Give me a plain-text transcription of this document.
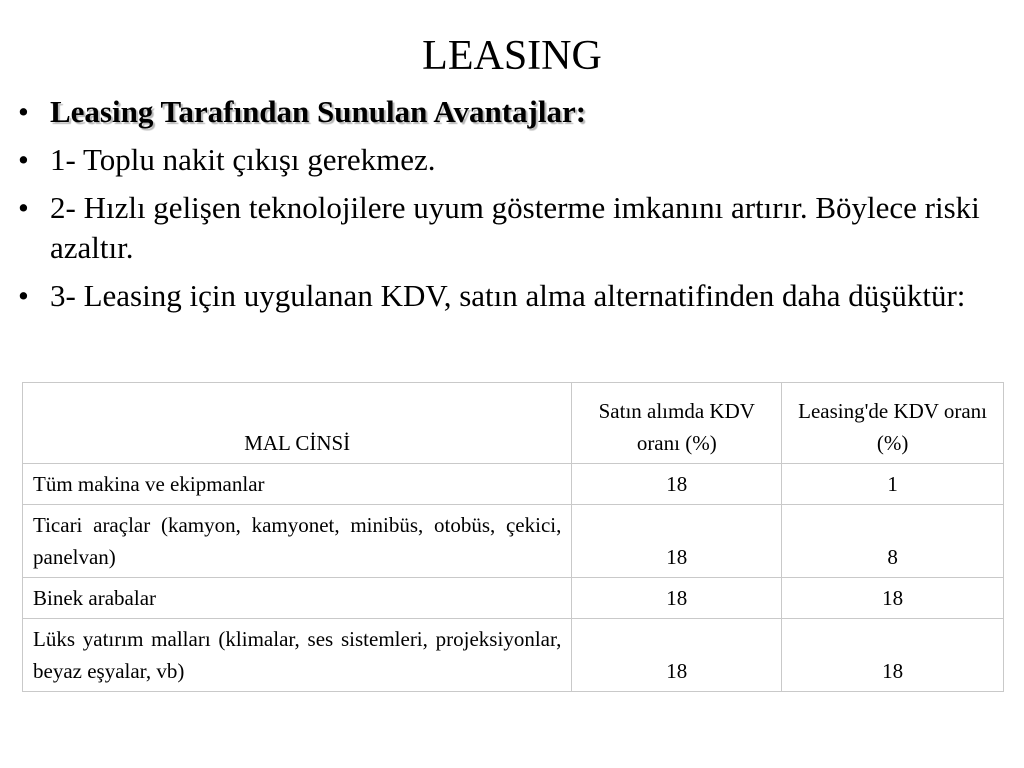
LEASING
• Leasing Tarafından Sunulan Avantajlar:
• 1- Toplu nakit çıkışı gerekmez.
• 2- Hızlı gelişen teknolojilere uyum gösterme imkanını artırır. Böylece riski azaltır.
• 3- Leasing için uygulanan KDV, satın alma alternatifinden daha düşüktür:
MAL CİNSİ	Satın alımda KDV oranı (%)	Leasing'de KDV oranı (%)
Tüm makina ve ekipmanlar	18	1
Ticari araçlar (kamyon, kamyonet, minibüs, otobüs, çekici, panelvan)	18	8
Binek arabalar	18	18
Lüks yatırım malları (klimalar, ses sistemleri, projeksiyonlar, beyaz eşyalar, vb)	18	18
